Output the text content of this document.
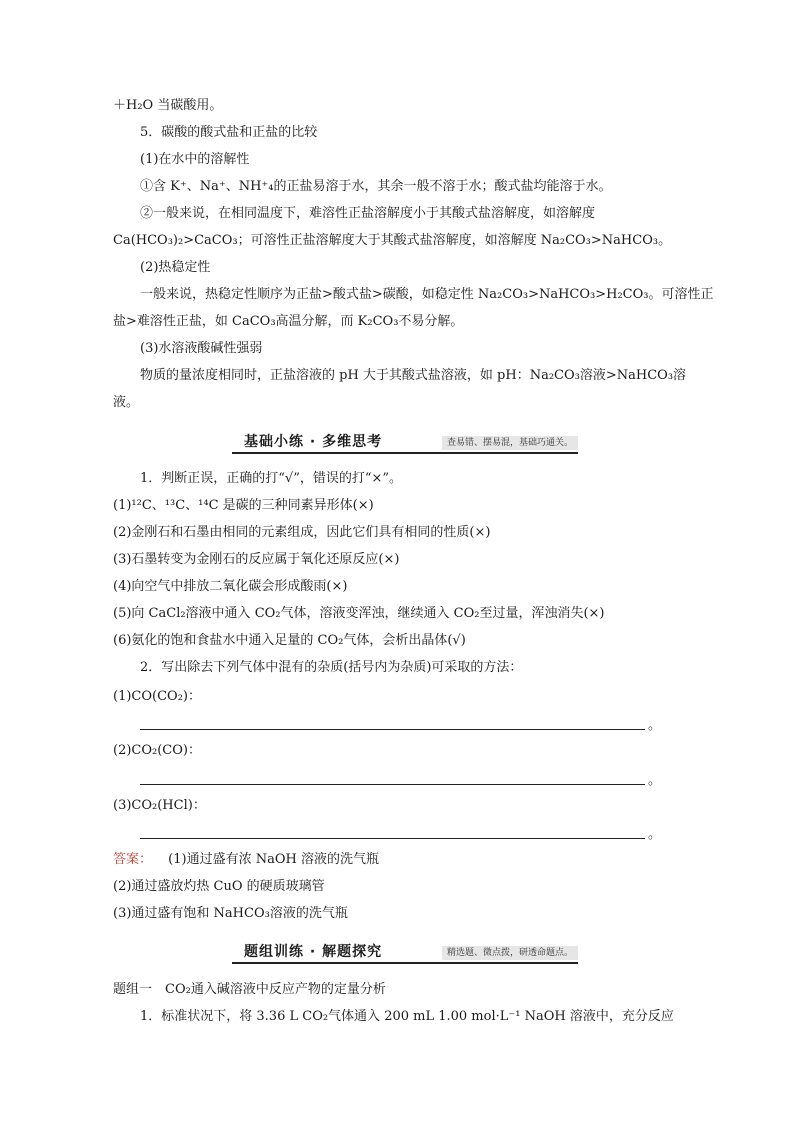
＋H₂O 当碳酸用。
5．碳酸的酸式盐和正盐的比较
(1)在水中的溶解性
①含 K⁺、Na⁺、NH⁺₄的正盐易溶于水，其余一般不溶于水；酸式盐均能溶于水。
②一般来说，在相同温度下，难溶性正盐溶解度小于其酸式盐溶解度，如溶解度
Ca(HCO₃)₂>CaCO₃；可溶性正盐溶解度大于其酸式盐溶解度，如溶解度 Na₂CO₃>NaHCO₃。
(2)热稳定性
一般来说，热稳定性顺序为正盐>酸式盐>碳酸，如稳定性 Na₂CO₃>NaHCO₃>H₂CO₃。可溶性正
盐>难溶性正盐，如 CaCO₃高温分解，而 K₂CO₃不易分解。
(3)水溶液酸碱性强弱
物质的量浓度相同时，正盐溶液的 pH 大于其酸式盐溶液，如 pH：Na₂CO₃溶液>NaHCO₃溶
液。
基础小练 · 多维思考	查易错、摆易混，基础巧通关。
1．判断正误，正确的打“√”，错误的打“×”。
(1)¹²C、¹³C、¹⁴C 是碳的三种同素异形体(×)
(2)金刚石和石墨由相同的元素组成，因此它们具有相同的性质(×)
(3)石墨转变为金刚石的反应属于氧化还原反应(×)
(4)向空气中排放二氧化碳会形成酸雨(×)
(5)向 CaCl₂溶液中通入 CO₂气体，溶液变浑浊，继续通入 CO₂至过量，浑浊消失(×)
(6)氨化的饱和食盐水中通入足量的 CO₂气体，会析出晶体(√)
2．写出除去下列气体中混有的杂质(括号内为杂质)可采取的方法：
(1)CO(CO₂)：
。
(2)CO₂(CO)：
。
(3)CO₂(HCl)：
。
答案： (1)通过盛有浓 NaOH 溶液的洗气瓶
(2)通过盛放灼热 CuO 的硬质玻璃管
(3)通过盛有饱和 NaHCO₃溶液的洗气瓶
题组训练 · 解题探究	精选题、微点拨，研透命题点。
题组一　CO₂通入碱溶液中反应产物的定量分析
1．标准状况下，将 3.36 L CO₂气体通入 200 mL 1.00 mol·L⁻¹ NaOH 溶液中，充分反应
